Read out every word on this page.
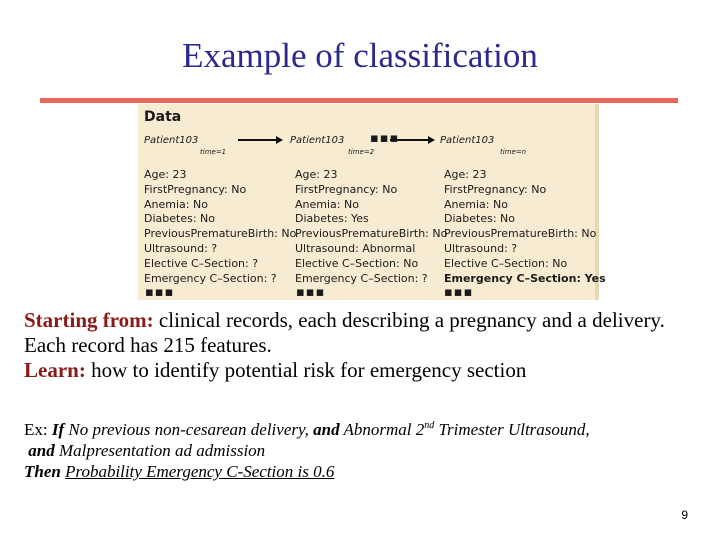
Example of classification
Data
Patient103
time=1
Patient103 ▪▪▪
time=2
Patient103
time=n
Age: 23
FirstPregnancy: No
Anemia: No
Diabetes: No
PreviousPrematureBirth: No
Ultrasound: ?
Elective C–Section: ?
Emergency C–Section: ?
Age: 23
FirstPregnancy: No
Anemia: No
Diabetes: Yes
PreviousPrematureBirth: No
Ultrasound: Abnormal
Elective C–Section: No
Emergency C–Section: ?
Age: 23
FirstPregnancy: No
Anemia: No
Diabetes: No
PreviousPrematureBirth: No
Ultrasound: ?
Elective C–Section: No
Emergency C–Section: Yes
▪▪▪	▪▪▪	▪▪▪
Starting from: clinical records, each describing a pregnancy and a delivery. Each record has 215 features.
Learn: how to identify potential risk for emergency section
Ex: If No previous non-cesarean delivery, and Abnormal 2nd Trimester Ultrasound,
and Malpresentation ad admission
Then Probability Emergency C-Section is 0.6
9
